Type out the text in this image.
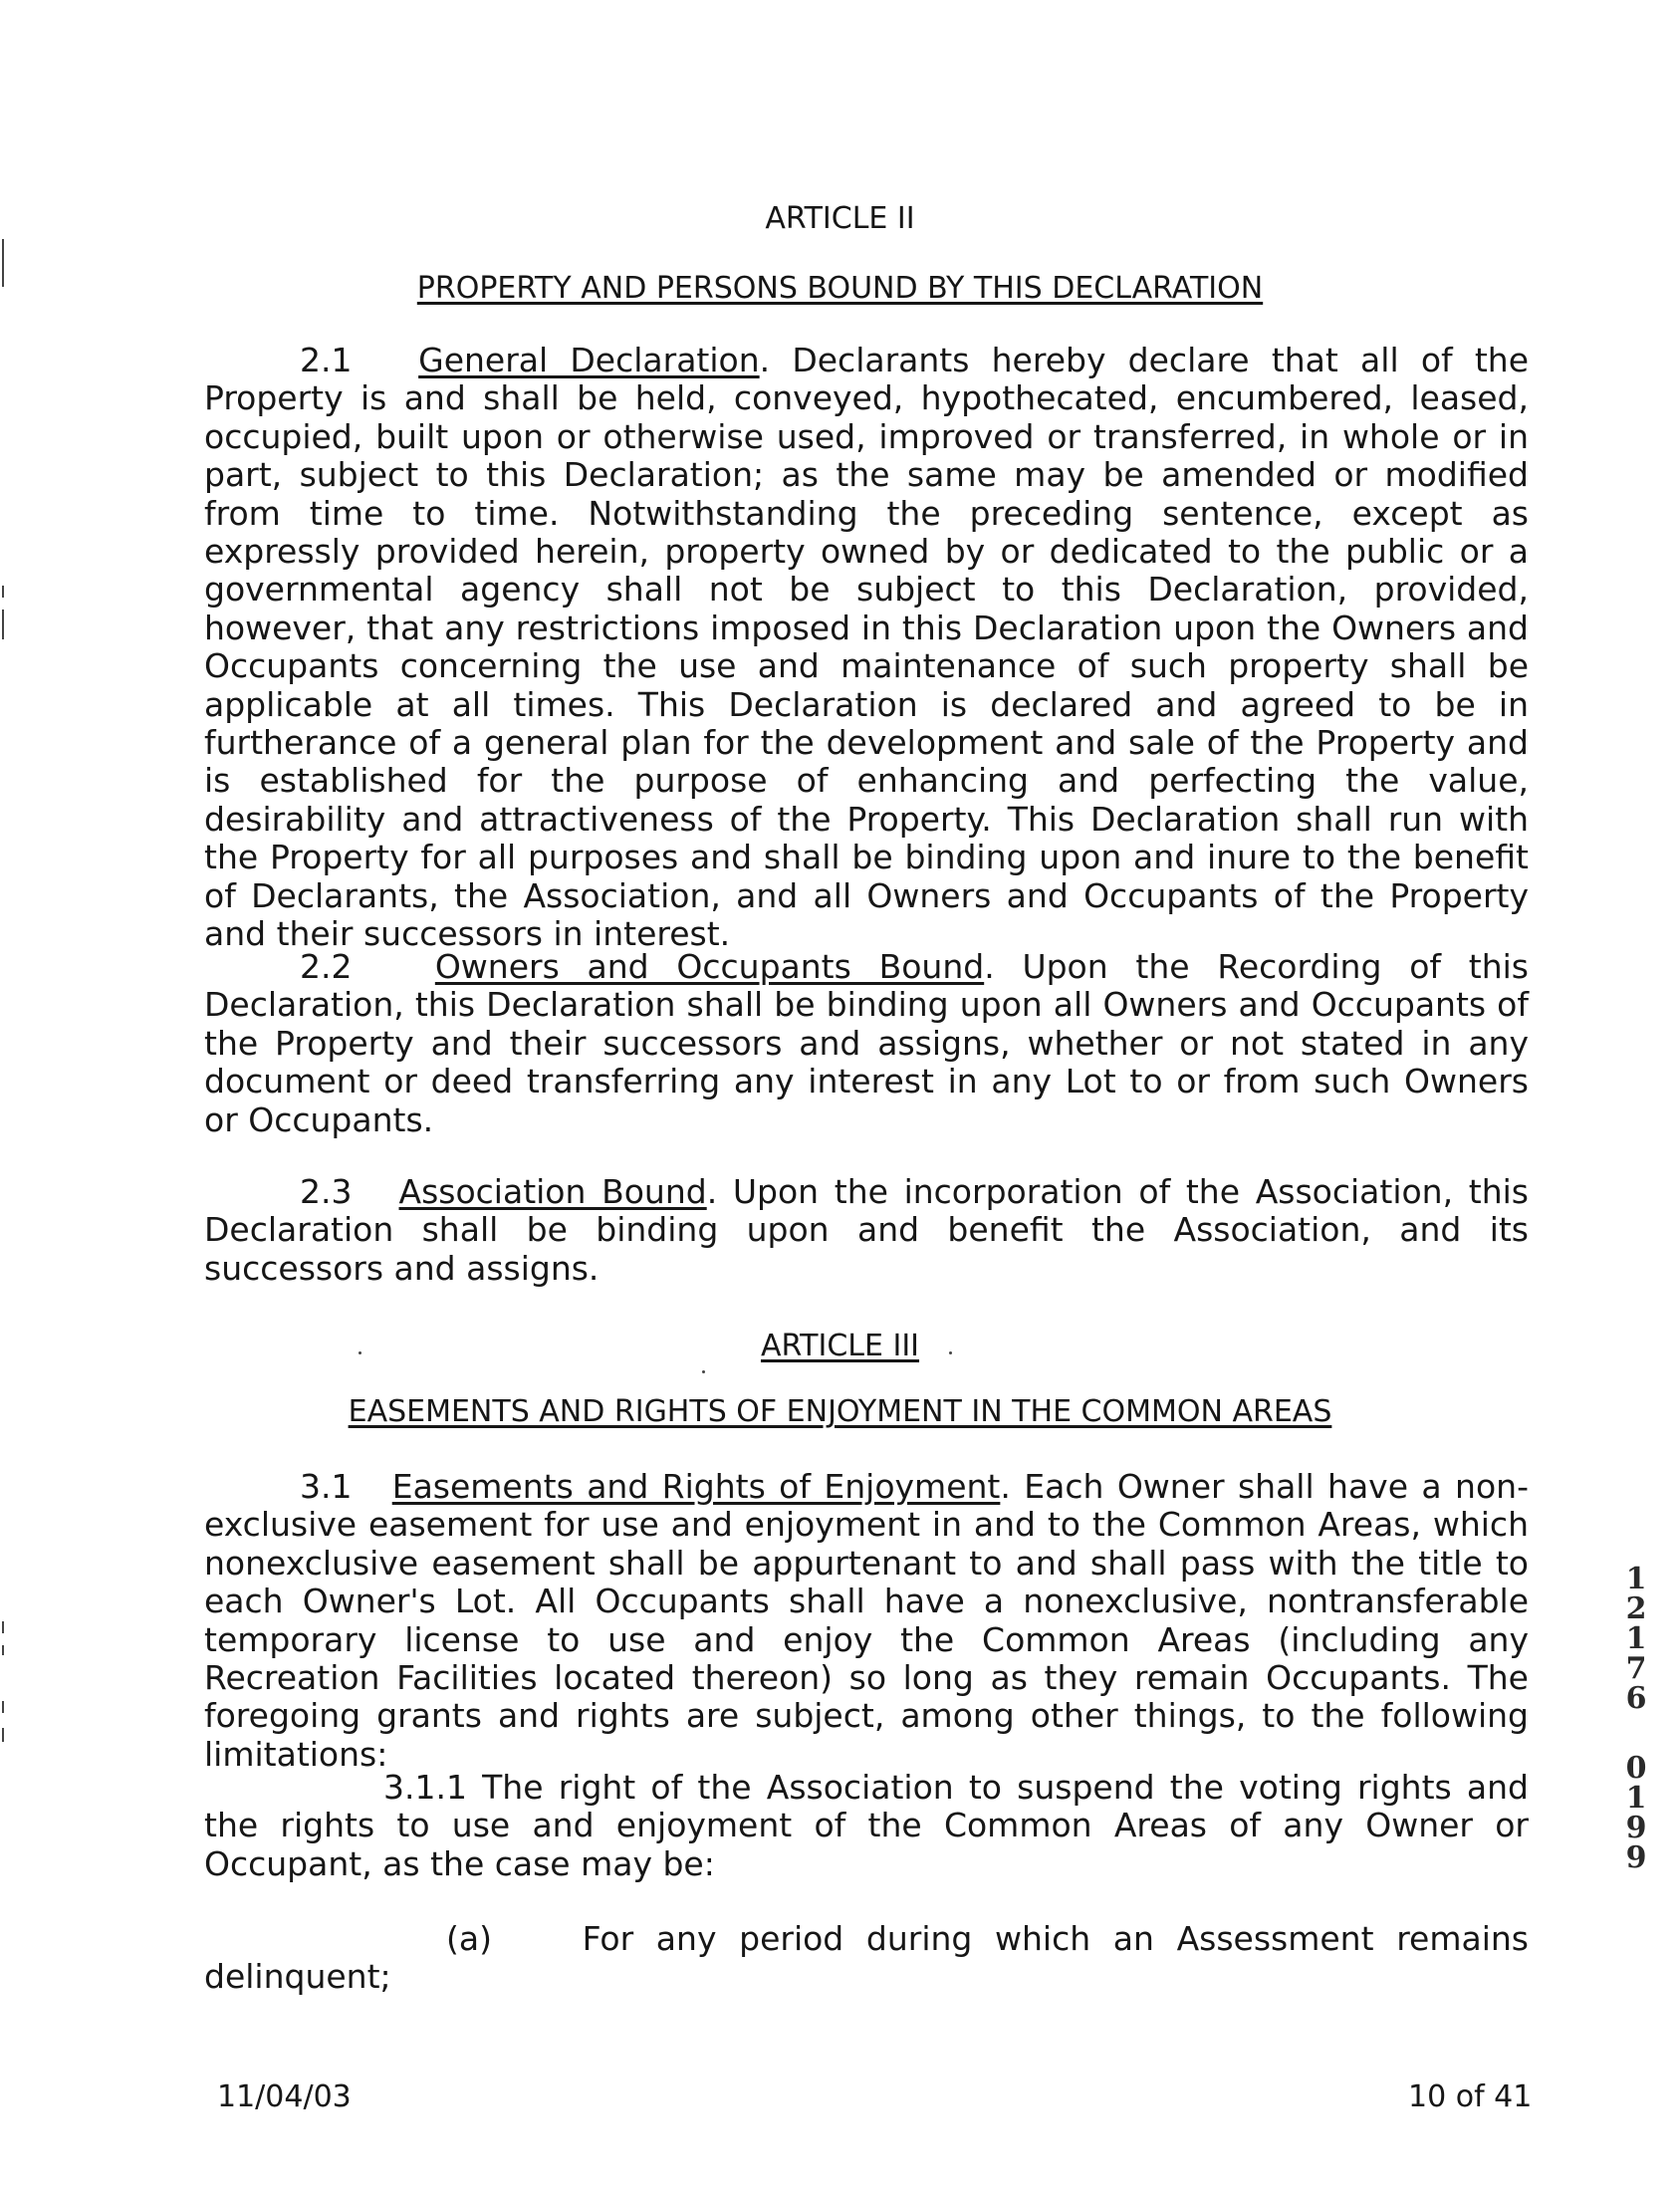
ARTICLE II
PROPERTY AND PERSONS BOUND BY THIS DECLARATION
2.1 General Declaration. Declarants hereby declare that all of the Property is and shall be held, conveyed, hypothecated, encumbered, leased, occupied, built upon or otherwise used, improved or transferred, in whole or in part, subject to this Declaration; as the same may be amended or modified from time to time. Notwithstanding the preceding sentence, except as expressly provided herein, property owned by or dedicated to the public or a governmental agency shall not be subject to this Declaration, provided, however, that any restrictions imposed in this Declaration upon the Owners and Occupants concerning the use and maintenance of such property shall be applicable at all times. This Declaration is declared and agreed to be in furtherance of a general plan for the development and sale of the Property and is established for the purpose of enhancing and perfecting the value, desirability and attractiveness of the Property. This Declaration shall run with the Property for all purposes and shall be binding upon and inure to the benefit of Declarants, the Association, and all Owners and Occupants of the Property and their successors in interest.
2.2	Owners and Occupants Bound. Upon the Recording of this Declaration, this Declaration shall be binding upon all Owners and Occupants of the Property and their successors and assigns, whether or not stated in any document or deed transferring any interest in any Lot to or from such Owners or Occupants.
2.3 Association Bound. Upon the incorporation of the Association, this Declaration shall be binding upon and benefit the Association, and its successors and assigns.
ARTICLE III
EASEMENTS AND RIGHTS OF ENJOYMENT IN THE COMMON AREAS
3.1 Easements and Rights of Enjoyment. Each Owner shall have a non-exclusive easement for use and enjoyment in and to the Common Areas, which nonexclusive easement shall be appurtenant to and shall pass with the title to each Owner's Lot. All Occupants shall have a nonexclusive, nontransferable temporary license to use and enjoy the Common Areas (including any Recreation Facilities located thereon) so long as they remain Occupants. The foregoing grants and rights are subject, among other things, to the following limitations:
3.1.1 The right of the Association to suspend the voting rights and the rights to use and enjoyment of the Common Areas of any Owner or Occupant, as the case may be:
(a)	For any period during which an Assessment remains delinquent;
1
2
1
7
6
0
1
9
9
11/04/03	10 of 41
